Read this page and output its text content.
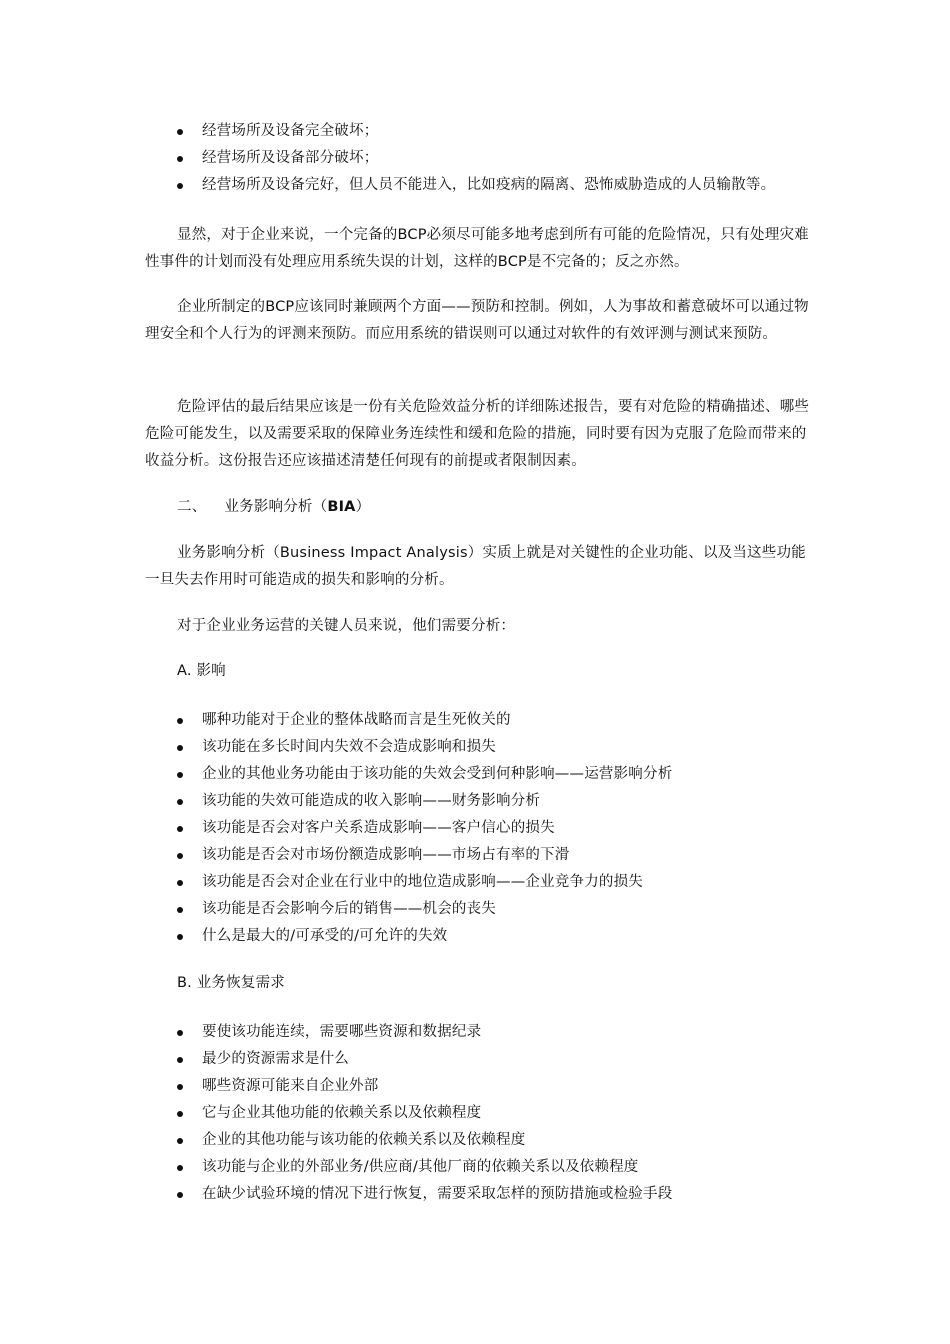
经营场所及设备完全破坏；
经营场所及设备部分破坏；
经营场所及设备完好，但人员不能进入，比如疫病的隔离、恐怖威胁造成的人员输散等。

显然，对于企业来说，一个完备的BCP必须尽可能多地考虑到所有可能的危险情况，只有处理灾难性事件的计划而没有处理应用系统失误的计划，这样的BCP是不完备的；反之亦然。

企业所制定的BCP应该同时兼顾两个方面——预防和控制。例如，人为事故和蓄意破坏可以通过物理安全和个人行为的评测来预防。而应用系统的错误则可以通过对软件的有效评测与测试来预防。

危险评估的最后结果应该是一份有关危险效益分析的详细陈述报告，要有对危险的精确描述、哪些危险可能发生，以及需要采取的保障业务连续性和缓和危险的措施，同时要有因为克服了危险而带来的收益分析。这份报告还应该描述清楚任何现有的前提或者限制因素。

二、 业务影响分析（BIA）

业务影响分析（Business Impact Analysis）实质上就是对关键性的企业功能、以及当这些功能一旦失去作用时可能造成的损失和影响的分析。

对于企业业务运营的关键人员来说，他们需要分析：
A. 影响
哪种功能对于企业的整体战略而言是生死攸关的
该功能在多长时间内失效不会造成影响和损失
企业的其他业务功能由于该功能的失效会受到何种影响——运营影响分析
该功能的失效可能造成的收入影响——财务影响分析
该功能是否会对客户关系造成影响——客户信心的损失
该功能是否会对市场份额造成影响——市场占有率的下滑
该功能是否会对企业在行业中的地位造成影响——企业竞争力的损失
该功能是否会影响今后的销售——机会的丧失
什么是最大的/可承受的/可允许的失效
B. 业务恢复需求
要使该功能连续，需要哪些资源和数据纪录
最少的资源需求是什么
哪些资源可能来自企业外部
它与企业其他功能的依赖关系以及依赖程度
企业的其他功能与该功能的依赖关系以及依赖程度
该功能与企业的外部业务/供应商/其他厂商的依赖关系以及依赖程度
在缺少试验环境的情况下进行恢复，需要采取怎样的预防措施或检验手段
